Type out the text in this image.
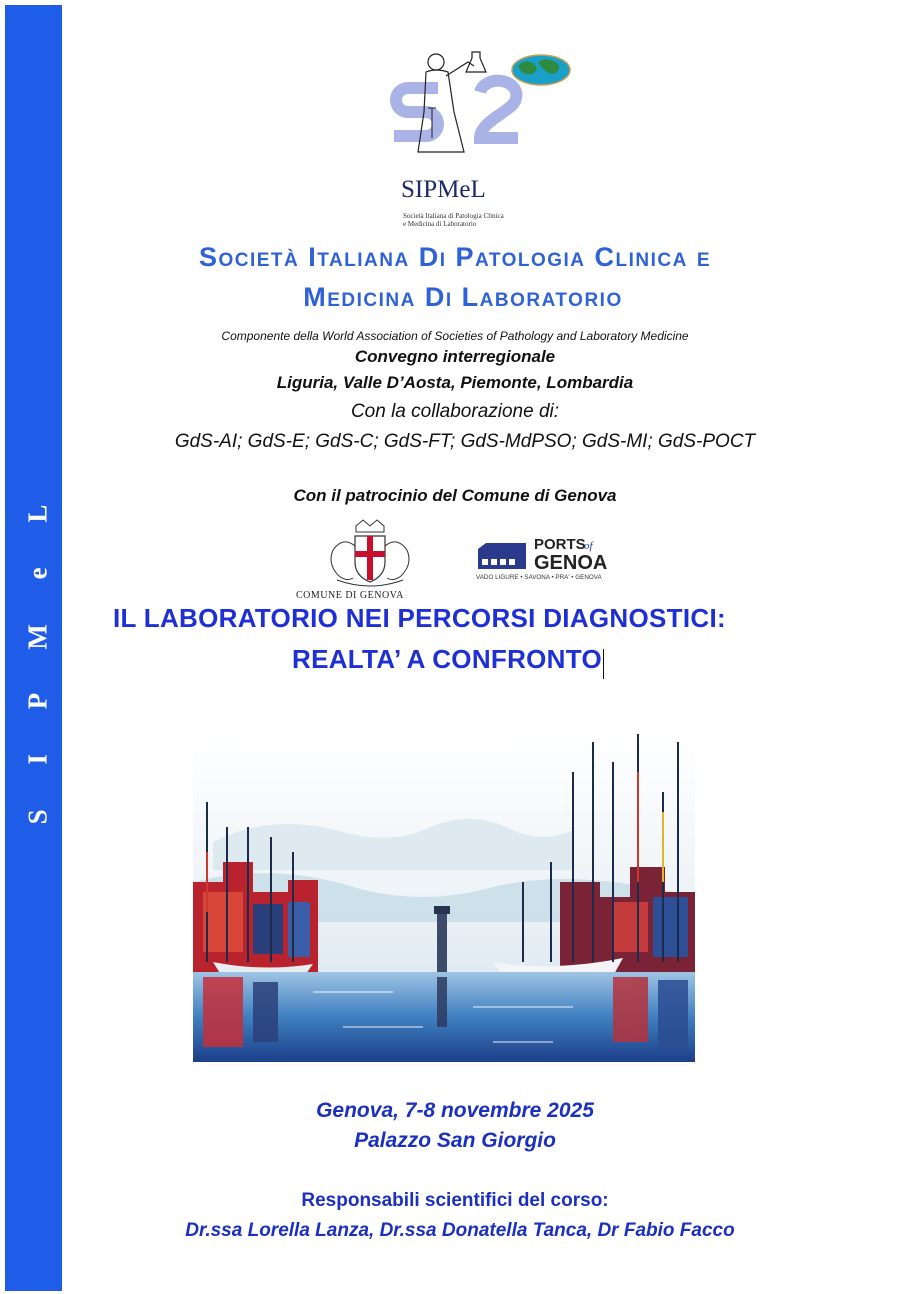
S I P M e L
SIPMeL
Società Italiana di Patologia Clinica
e Medicina di Laboratorio
Società Italiana Di Patologia Clinica e
Medicina Di Laboratorio
Componente della World Association of Societies of Pathology and Laboratory Medicine
Convegno interregionale
Liguria, Valle D’Aosta, Piemonte, Lombardia
Con la collaborazione di:
GdS-AI; GdS-E; GdS-C; GdS-FT; GdS-MdPSO; GdS-MI; GdS-POCT
Con il patrocinio del Comune di Genova
COMUNE DI GENOVA
PORTS
of
GENOA
VADO LIGURE • SAVONA • PRA' • GENOVA
IL LABORATORIO NEI PERCORSI DIAGNOSTICI:
REALTA’ A CONFRONTO
Genova, 7-8 novembre 2025
Palazzo San Giorgio
Responsabili scientifici del corso:
Dr.ssa Lorella Lanza, Dr.ssa Donatella Tanca, Dr Fabio Facco
